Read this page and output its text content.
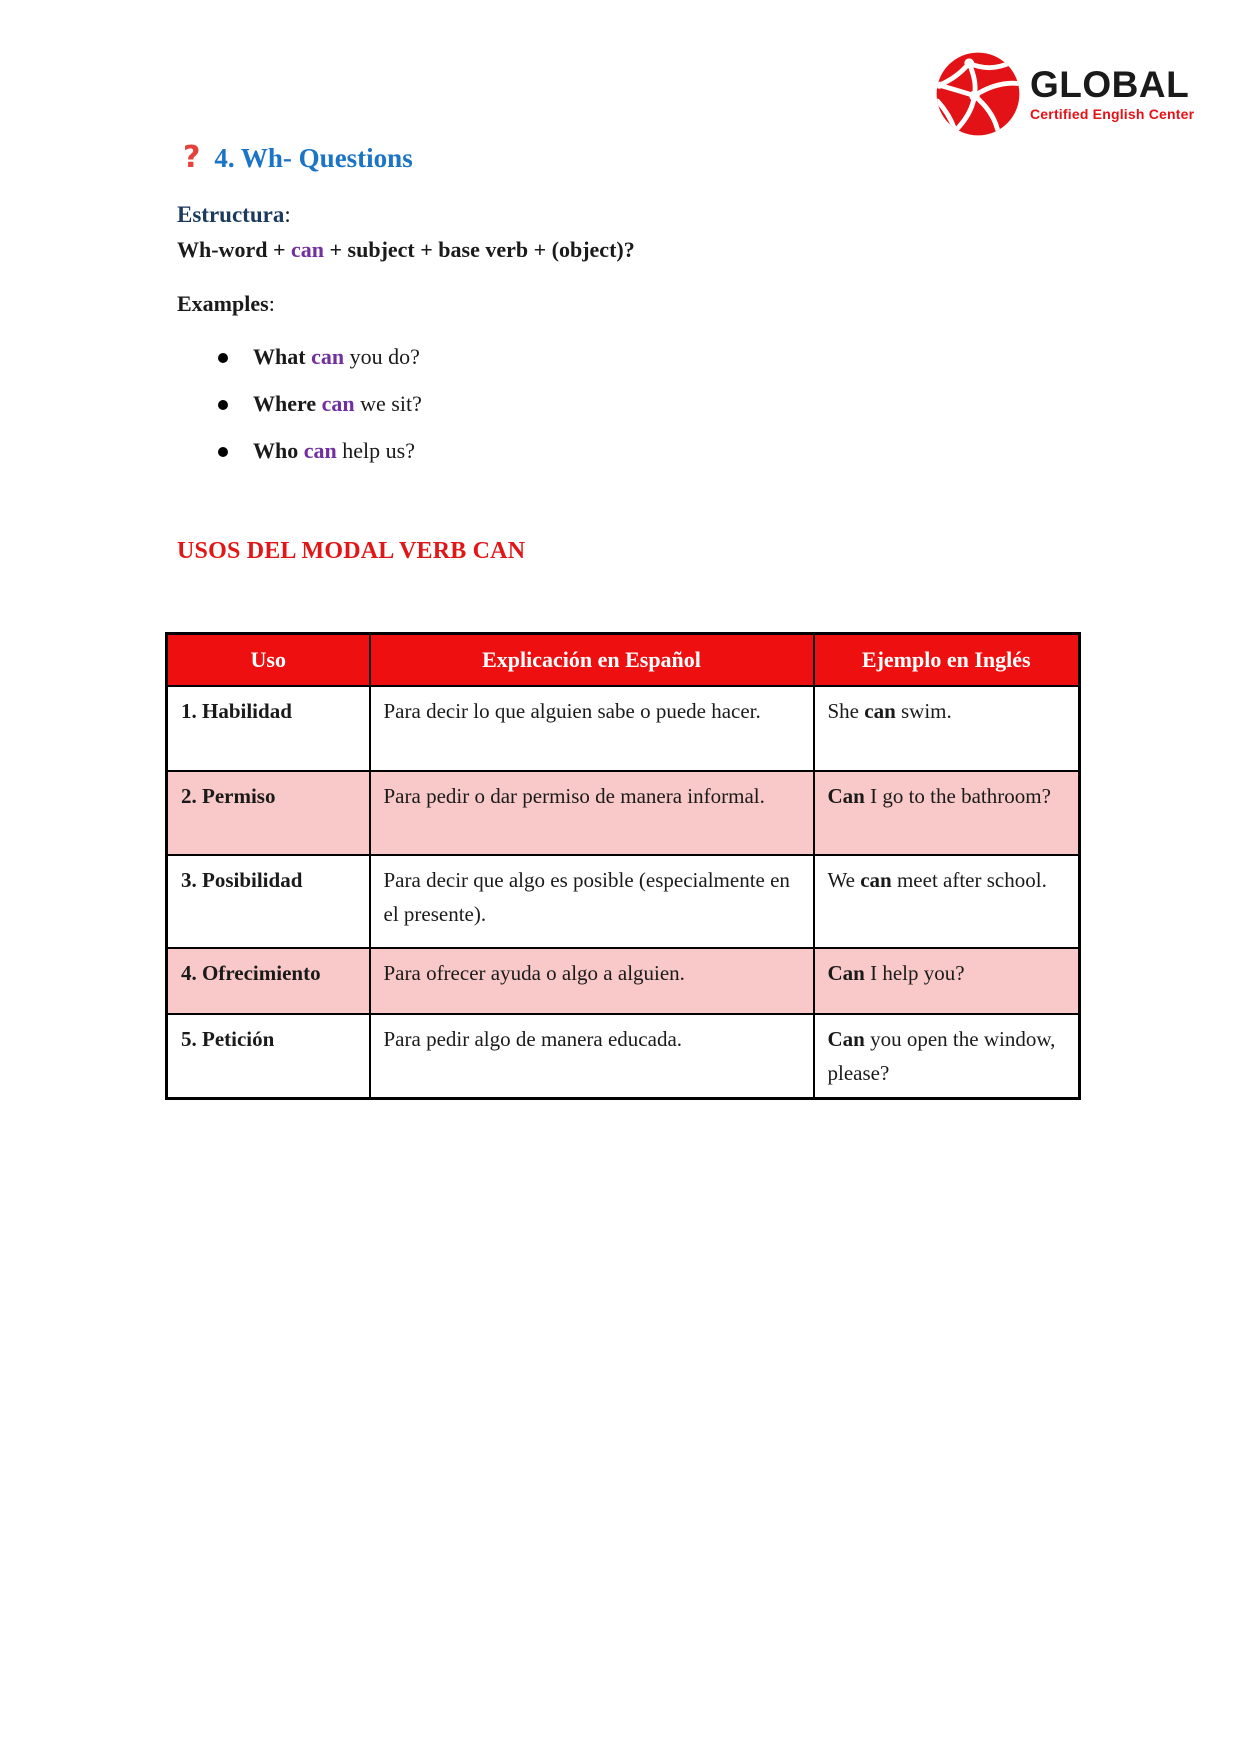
GLOBAL
Certified English Center
? 4. Wh- Questions

Estructura:

Wh-word + can + subject + base verb + (object)?

Examples:

What can you do?
Where can we sit?
Who can help us?
USOS DEL MODAL VERB CAN
Uso	Explicación en Español	Ejemplo en Inglés
1. Habilidad	Para decir lo que alguien sabe o puede hacer.	She can swim.
2. Permiso	Para pedir o dar permiso de manera informal.	Can I go to the bathroom?
3. Posibilidad	Para decir que algo es posible (especialmente en el presente).	We can meet after school.
4. Ofrecimiento	Para ofrecer ayuda o algo a alguien.	Can I help you?
5. Petición	Para pedir algo de manera educada.	Can you open the window, please?
